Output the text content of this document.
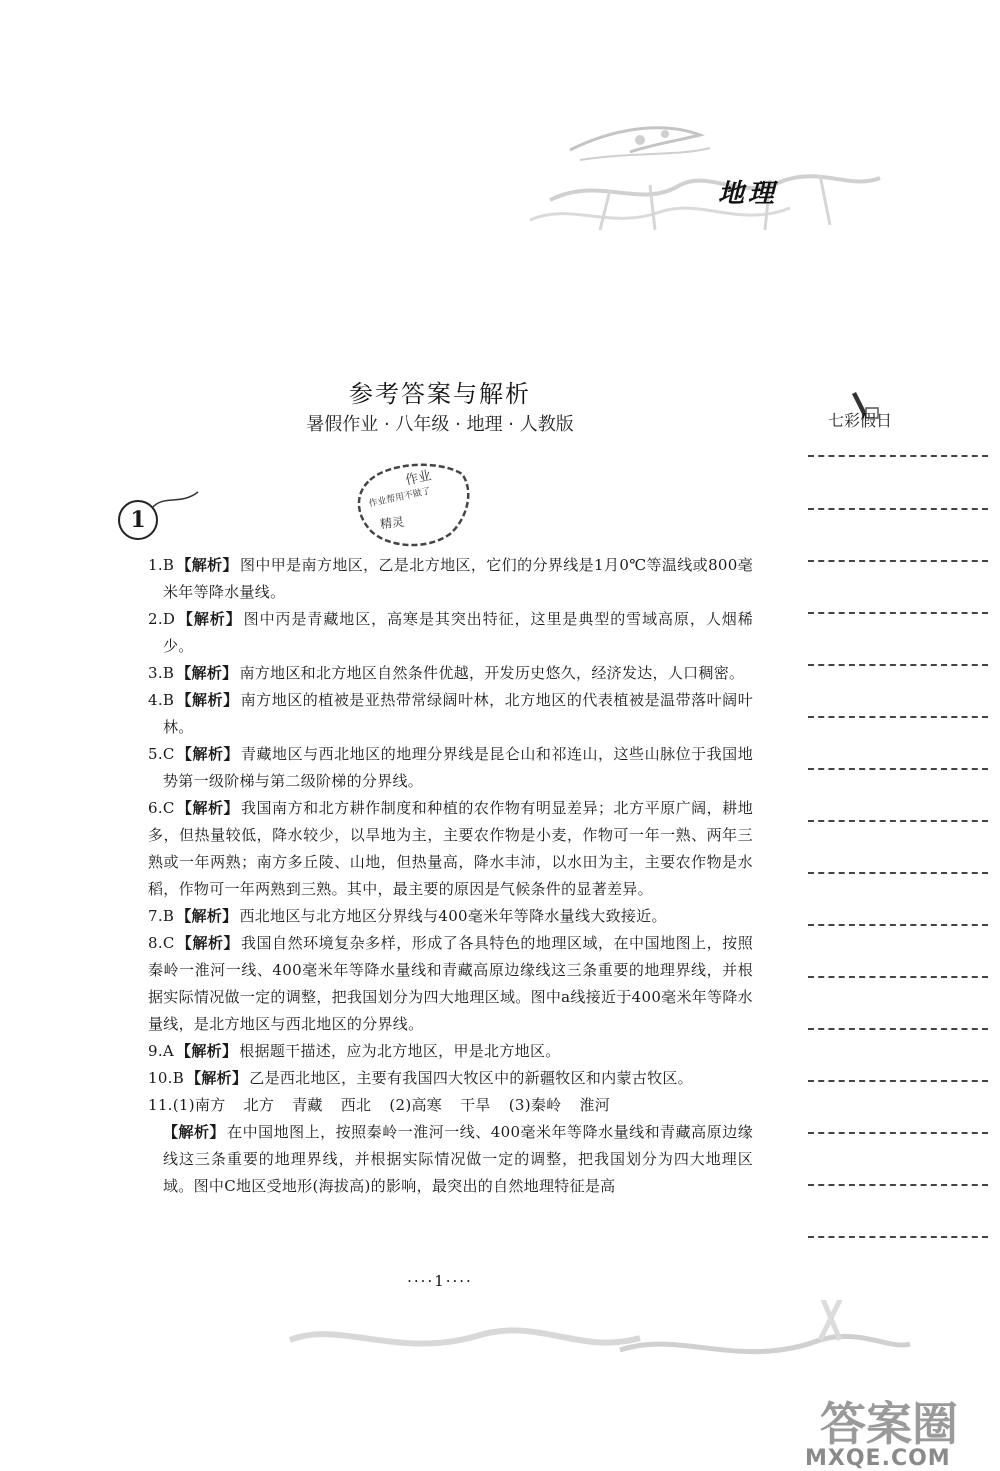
地理
参考答案与解析
暑假作业 · 八年级 · 地理 · 人教版
作业
作业帮用不做了
精灵
1
七彩假日

1.B 【解析】 图中甲是南方地区，乙是北方地区，它们的分界线是1月0℃等温线或800毫米年等降水量线。

2.D 【解析】 图中丙是青藏地区，高寒是其突出特征，这里是典型的雪域高原，人烟稀少。

3.B 【解析】 南方地区和北方地区自然条件优越，开发历史悠久，经济发达，人口稠密。

4.B 【解析】 南方地区的植被是亚热带常绿阔叶林，北方地区的代表植被是温带落叶阔叶林。

5.C 【解析】 青藏地区与西北地区的地理分界线是昆仑山和祁连山，这些山脉位于我国地势第一级阶梯与第二级阶梯的分界线。

6.C 【解析】 我国南方和北方耕作制度和种植的农作物有明显差异；北方平原广阔，耕地多，但热量较低，降水较少，以旱地为主，主要农作物是小麦，作物可一年一熟、两年三熟或一年两熟；南方多丘陵、山地，但热量高，降水丰沛，以水田为主，主要农作物是水稻，作物可一年两熟到三熟。其中，最主要的原因是气候条件的显著差异。

7.B 【解析】 西北地区与北方地区分界线与400毫米年等降水量线大致接近。

8.C 【解析】 我国自然环境复杂多样，形成了各具特色的地理区域，在中国地图上，按照秦岭一淮河一线、400毫米年等降水量线和青藏高原边缘线这三条重要的地理界线，并根据实际情况做一定的调整，把我国划分为四大地理区域。图中a线接近于400毫米年等降水量线，是北方地区与西北地区的分界线。

9.A 【解析】 根据题干描述，应为北方地区，甲是北方地区。

10.B 【解析】 乙是西北地区，主要有我国四大牧区中的新疆牧区和内蒙古牧区。

11.(1)南方 北方 青藏 西北 (2)高寒 干旱 (3)秦岭 淮河

【解析】 在中国地图上，按照秦岭一淮河一线、400毫米年等降水量线和青藏高原边缘线这三条重要的地理界线，并根据实际情况做一定的调整，把我国划分为四大地理区域。图中C地区受地形(海拔高)的影响，最突出的自然地理特征是高

····1····
答案圈
MXQE.COM
